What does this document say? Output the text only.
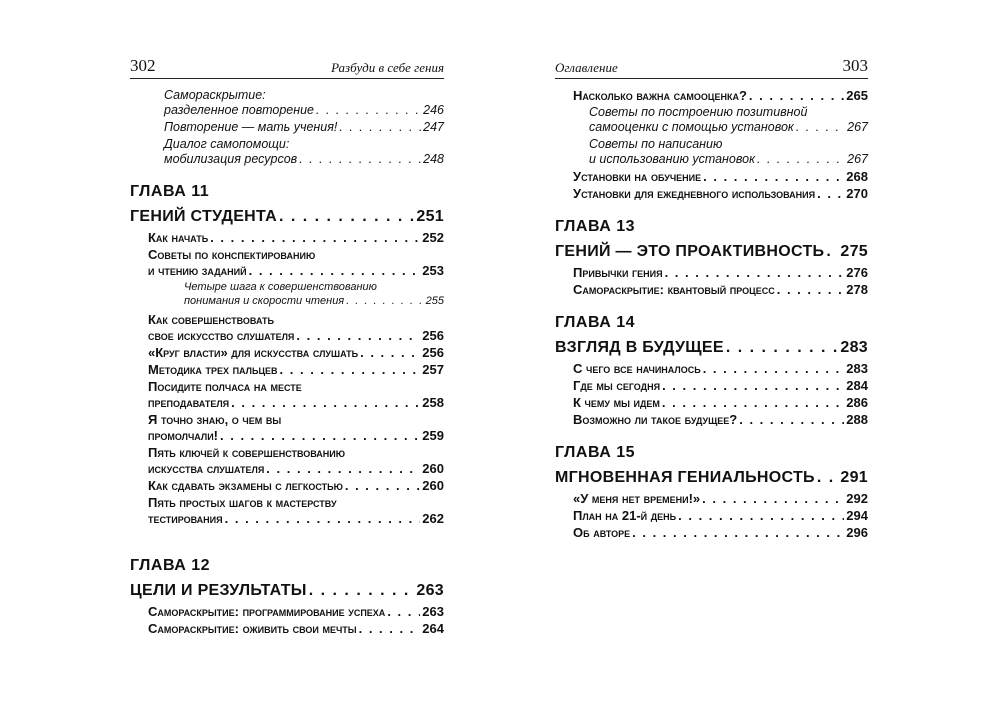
302	Разбуди в себе гения
Самораскрытие:
разделенное повторение . . .	246
Повторение — мать учения! . . .	247
Диалог самопомощи:
мобилизация ресурсов . . .	248
ГЛАВА 11
ГЕНИЙ СТУДЕНТА . . .	251
Как начать . . .	252
Советы по конспектированию
и чтению заданий . . .	253
Четыре шага к совершенствованию
понимания и скорости чтения . . .	255
Как совершенствовать
свое искусство слушателя . . .	256
«Круг власти» для искусства слушать . . .	256
Методика трех пальцев . . .	257
Посидите полчаса на месте
преподавателя . . .	258
Я точно знаю, о чем вы
промолчали! . . .	259
Пять ключей к совершенствованию
искусства слушателя . . .	260
Как сдавать экзамены с легкостью . . .	260
Пять простых шагов к мастерству
тестирования . . .	262
ГЛАВА 12
ЦЕЛИ И РЕЗУЛЬТАТЫ . . .	263
Самораскрытие: программирование успеха . . .	263
Самораскрытие: оживить свои мечты . . .	264
Оглавление	303
Насколько важна самооценка? . . .	265
Советы по построению позитивной
самооценки с помощью установок . . .	267
Советы по написанию
и использованию установок . . .	267
Установки на обучение . . .	268
Установки для ежедневного использования . . . 270
ГЛАВА 13
ГЕНИЙ — ЭТО ПРОАКТИВНОСТЬ . . . 275
Привычки гения . . .	276
Самораскрытие: квантовый процесс . . .	278
ГЛАВА 14
ВЗГЛЯД В БУДУЩЕЕ . . .	283
С чего все начиналось . . .	283
Где мы сегодня . . .	284
К чему мы идем . . .	286
Возможно ли такое будущее? . . .	288
ГЛАВА 15
МГНОВЕННАЯ ГЕНИАЛЬНОСТЬ . . . 291
«У меня нет времени!» . . .	292
План на 21-й день . . .	294
Об авторе . . .	296
